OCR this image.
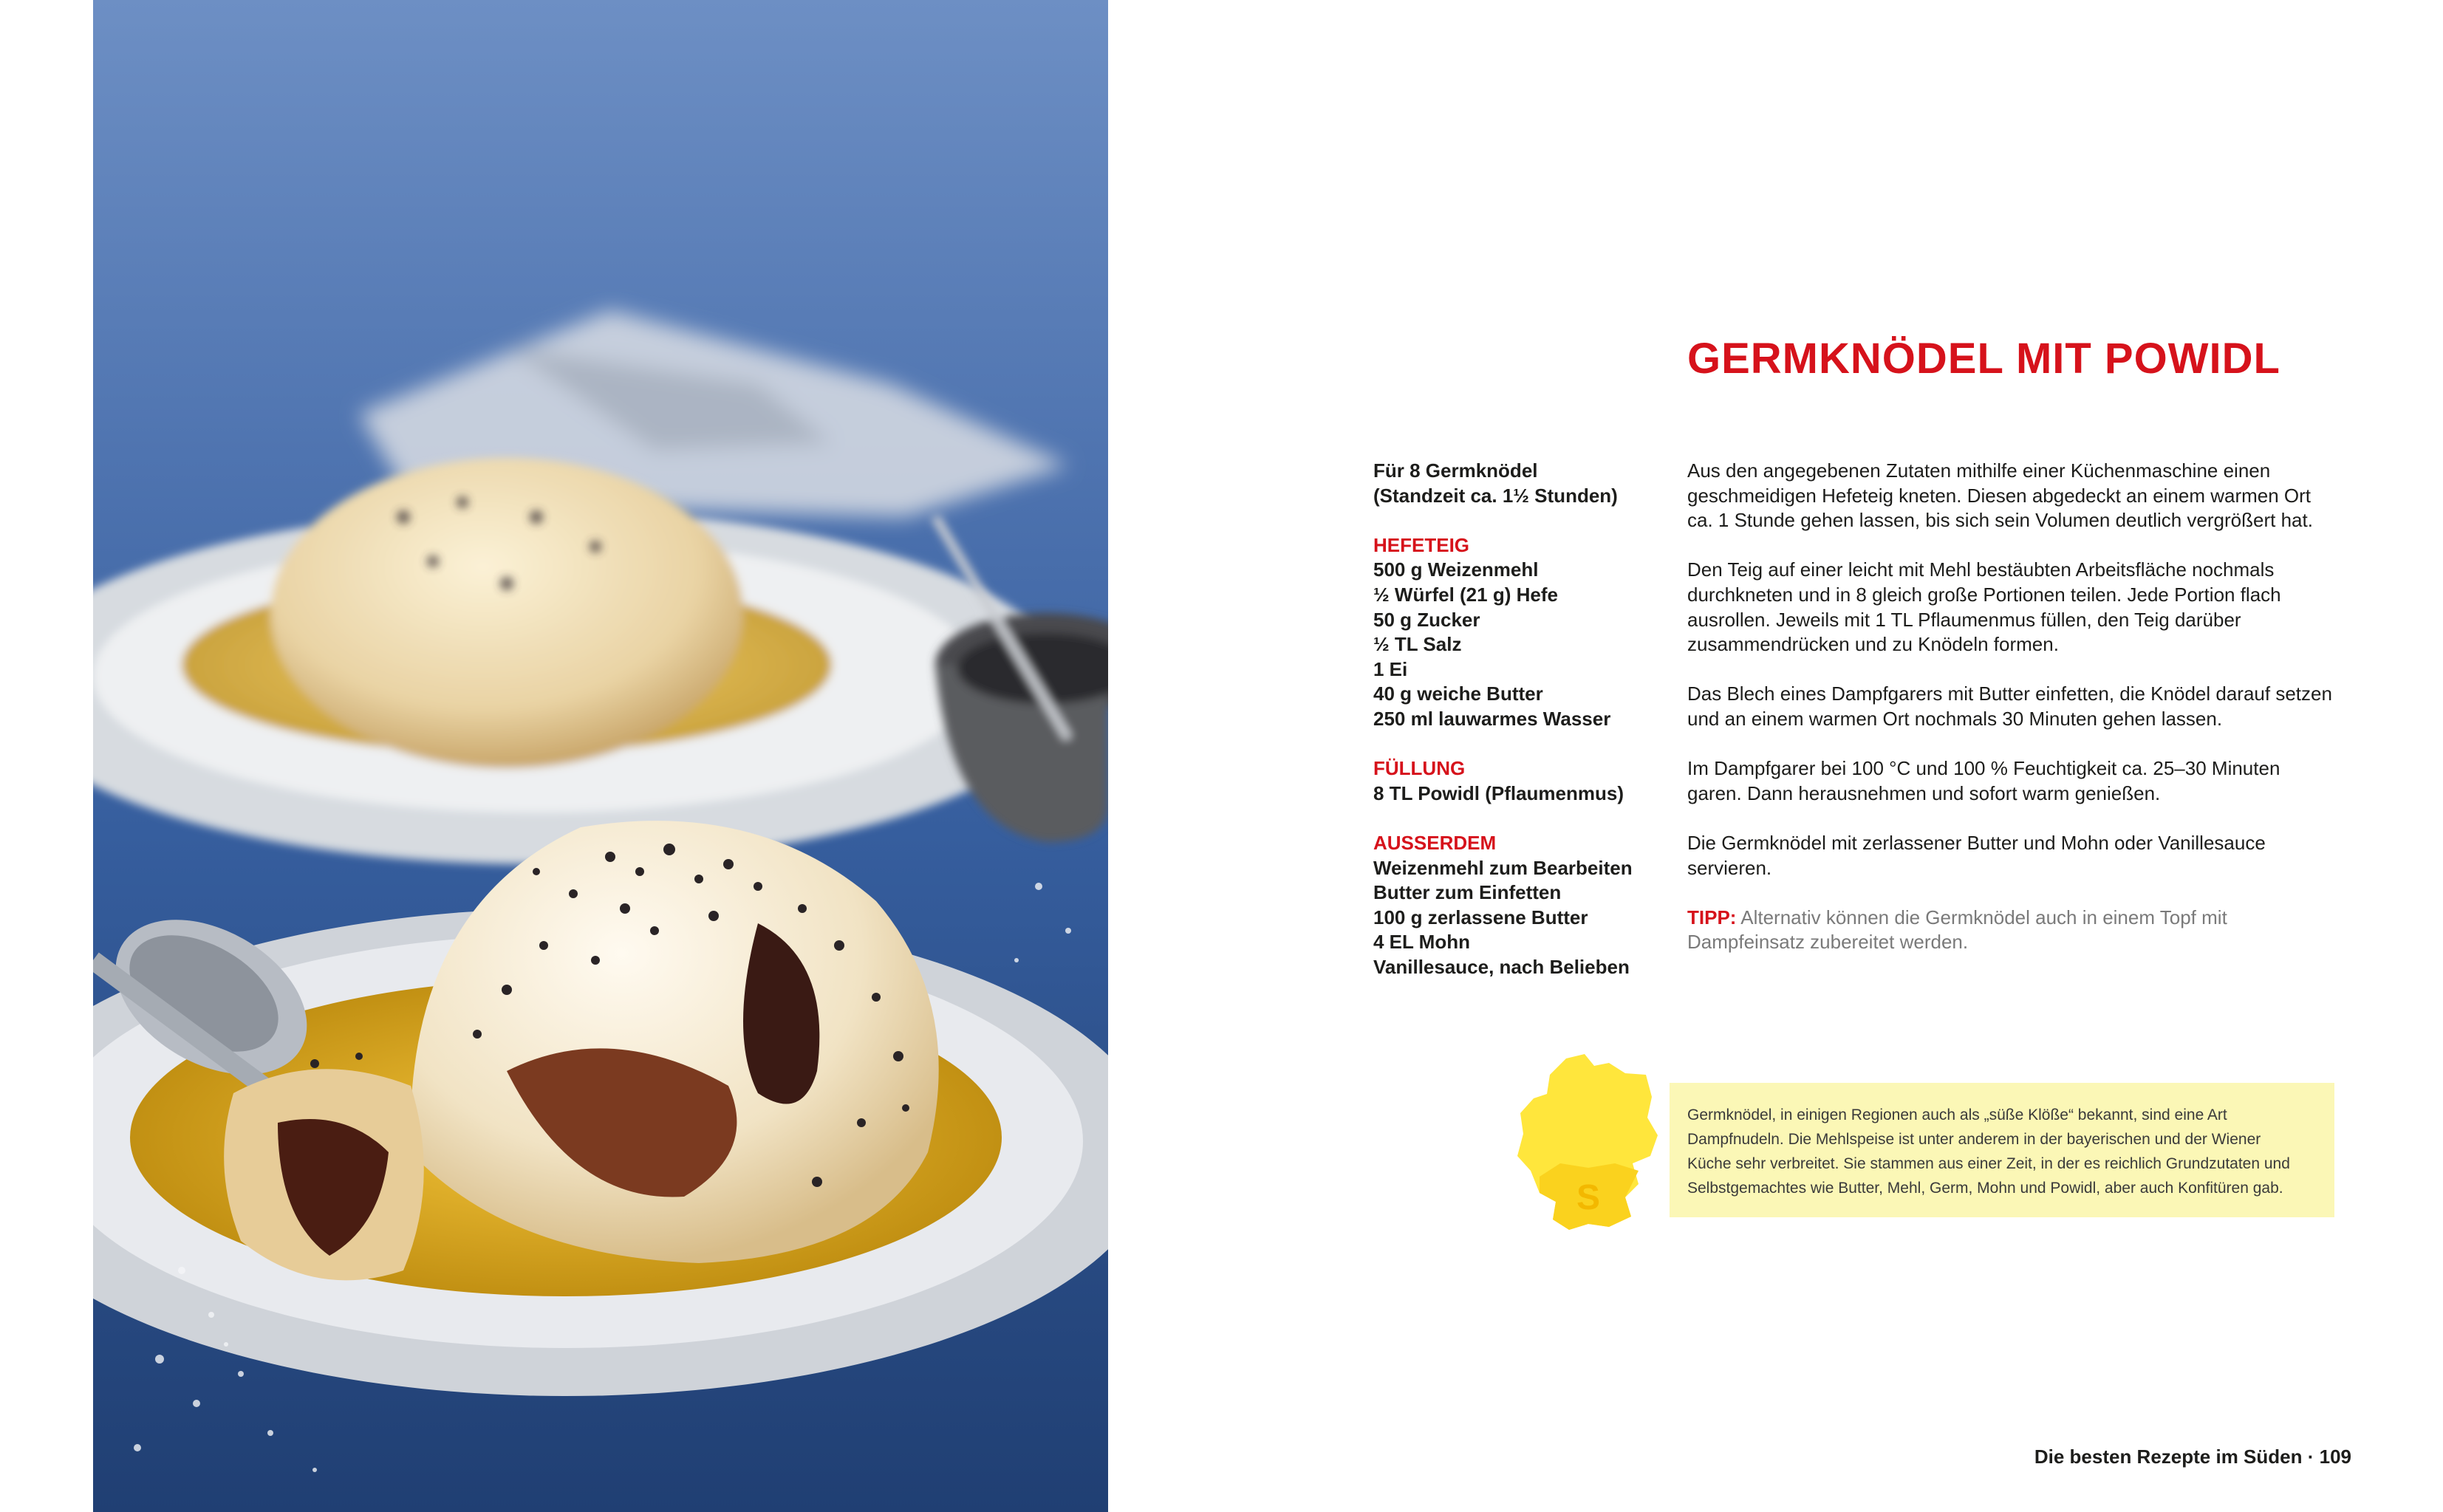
GERMKNÖDEL MIT POWIDL
Für 8 Germknödel
(Standzeit ca. 1½ Stunden)
HEFETEIG
500 g Weizenmehl
½ Würfel (21 g) Hefe
50 g Zucker
½ TL Salz
1 Ei
40 g weiche Butter
250 ml lauwarmes Wasser
FÜLLUNG
8 TL Powidl (Pflaumenmus)
AUSSERDEM
Weizenmehl zum Bearbeiten
Butter zum Einfetten
100 g zerlassene Butter
4 EL Mohn
Vanillesauce, nach Belieben

Aus den angegebenen Zutaten mithilfe einer Küchenmaschine einen geschmeidigen Hefeteig kneten. Diesen abgedeckt an einem warmen Ort ca. 1 Stunde gehen lassen, bis sich sein Volumen deutlich vergrößert hat.

Den Teig auf einer leicht mit Mehl bestäubten Arbeitsfläche nochmals durchkneten und in 8 gleich große Portionen teilen. Jede Portion flach ausrollen. Jeweils mit 1 TL Pflaumenmus füllen, den Teig darüber zusammendrücken und zu Knödeln formen.

Das Blech eines Dampfgarers mit Butter einfetten, die Knödel darauf setzen und an einem warmen Ort nochmals 30 Minuten gehen lassen.

Im Dampfgarer bei 100 °C und 100 % Feuchtigkeit ca. 25–30 Minuten garen. Dann herausnehmen und sofort warm genießen.

Die Germknödel mit zerlassener Butter und Mohn oder Vanillesauce servieren.

TIPP: Alternativ können die Germknödel auch in einem Topf mit Dampfeinsatz zubereitet werden.

S
Germknödel, in einigen Regionen auch als „süße Klöße“ bekannt, sind eine Art Dampfnudeln. Die Mehlspeise ist unter anderem in der bayerischen und der Wiener Küche sehr verbreitet. Sie stammen aus einer Zeit, in der es reichlich Grundzutaten und Selbstgemachtes wie Butter, Mehl, Germ, Mohn und Powidl, aber auch Konfitüren gab.
Die besten Rezepte im Süden · 109
